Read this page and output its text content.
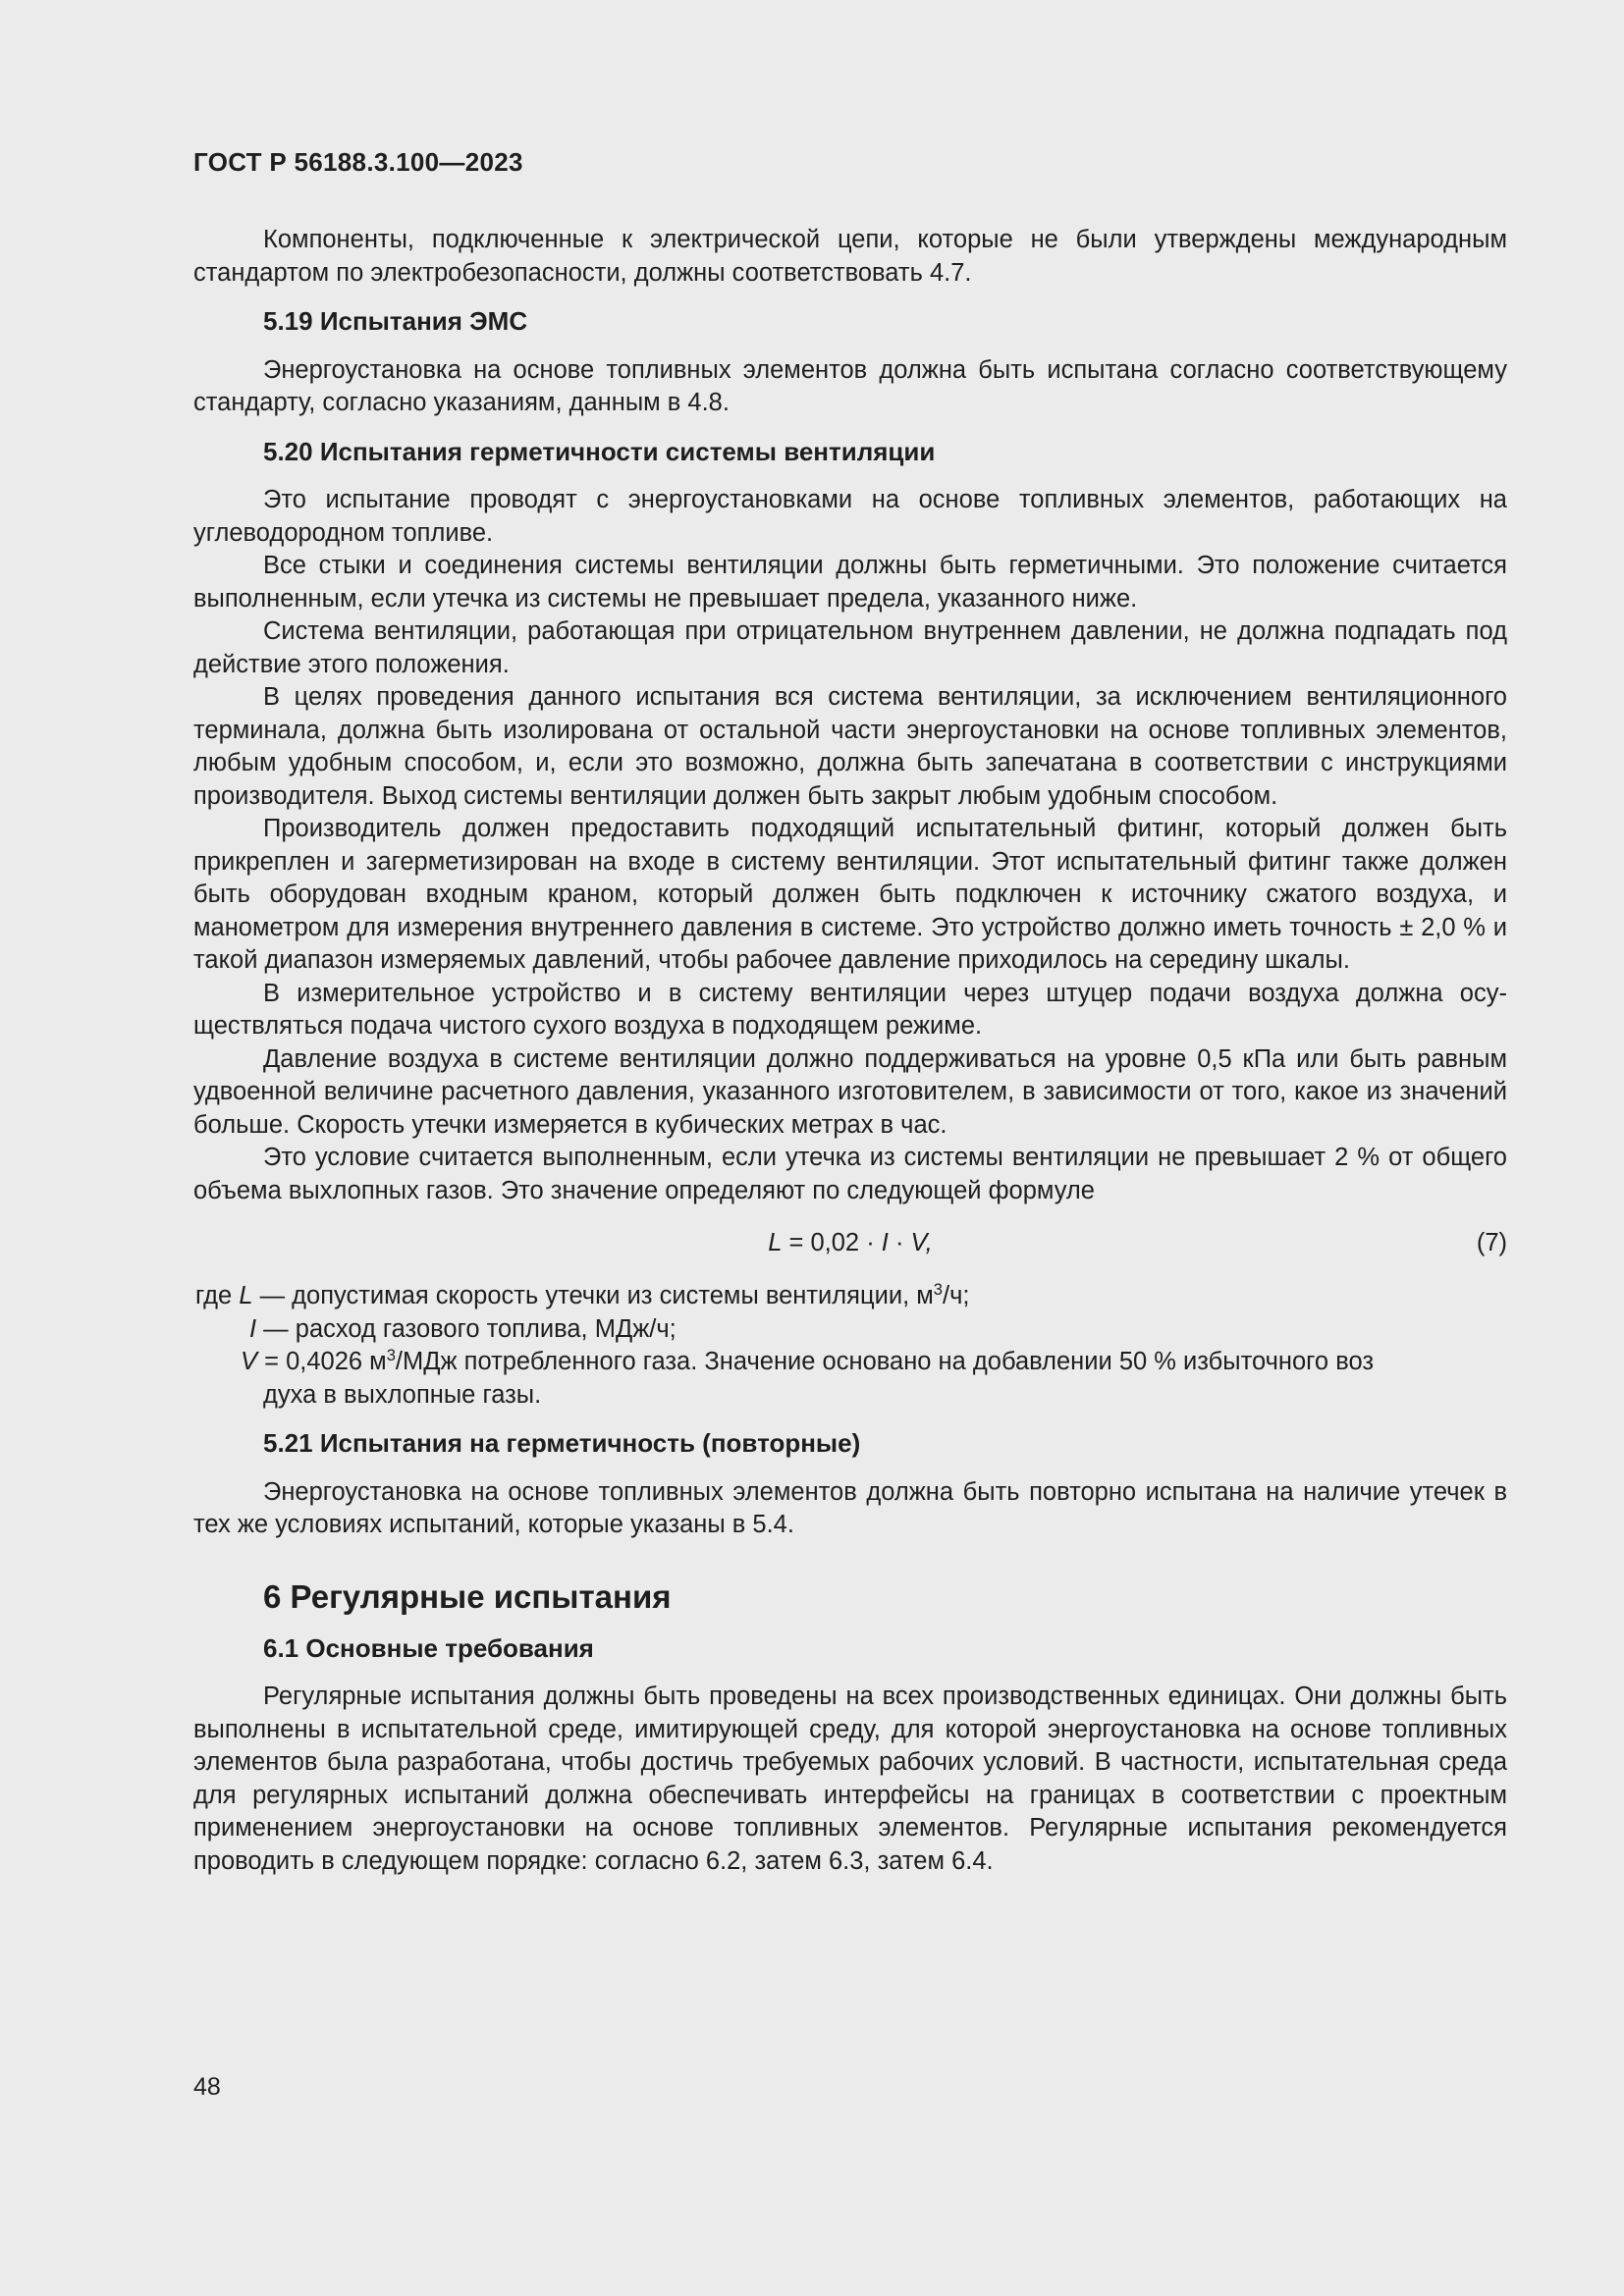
ГОСТ Р 56188.3.100—2023

Компоненты, подключенные к электрической цепи, которые не были утверждены международным стандартом по электробезопасности, должны соответствовать 4.7.

5.19 Испытания ЭМС

Энергоустановка на основе топливных элементов должна быть испытана согласно соответствующему стандарту, согласно указаниям, данным в 4.8.

5.20 Испытания герметичности системы вентиляции

Это испытание проводят с энергоустановками на основе топливных элементов, работающих на углеводородном топливе.

Все стыки и соединения системы вентиляции должны быть герметичными. Это положение считается выполненным, если утечка из системы не превышает предела, указанного ниже.

Система вентиляции, работающая при отрицательном внутреннем давлении, не должна подпадать под действие этого положения.

В целях проведения данного испытания вся система вентиляции, за исключением вентиляционного терминала, должна быть изолирована от остальной части энергоустановки на основе топливных элементов, любым удобным способом, и, если это возможно, должна быть запечатана в соответствии с инструкциями производителя. Выход системы вентиляции должен быть закрыт любым удобным способом.

Производитель должен предоставить подходящий испытательный фитинг, который должен быть прикреплен и загерметизирован на входе в систему вентиляции. Этот испытательный фитинг также должен быть оборудован входным краном, который должен быть подключен к источнику сжатого воздуха, и манометром для измерения внутреннего давления в системе. Это устройство должно иметь точность ± 2,0 % и такой диапазон измеряемых давлений, чтобы рабочее давление приходилось на середину шкалы.

В измерительное устройство и в систему вентиляции через штуцер подачи воздуха должна осуществляться подача чистого сухого воздуха в подходящем режиме.

Давление воздуха в системе вентиляции должно поддерживаться на уровне 0,5 кПа или быть равным удвоенной величине расчетного давления, указанного изготовителем, в зависимости от того, какое из значений больше. Скорость утечки измеряется в кубических метрах в час.

Это условие считается выполненным, если утечка из системы вентиляции не превышает 2 % от общего объема выхлопных газов. Это значение определяют по следующей формуле

L = 0,02 · I · V,	(7)
где L — допустимая скорость утечки из системы вентиляции, $м^3/ч$;
I — расход газового топлива, МДж/ч;
V = 0,4026 $м^3$/МДж потребленного газа. Значение основано на добавлении 50 % избыточного воз
духа в выхлопные газы.
5.21 Испытания на герметичность (повторные)

Энергоустановка на основе топливных элементов должна быть повторно испытана на наличие утечек в тех же условиях испытаний, которые указаны в 5.4.

6 Регулярные испытания
6.1 Основные требования

Регулярные испытания должны быть проведены на всех производственных единицах. Они должны быть выполнены в испытательной среде, имитирующей среду, для которой энергоустановка на основе топливных элементов была разработана, чтобы достичь требуемых рабочих условий. В частности, испытательная среда для регулярных испытаний должна обеспечивать интерфейсы на границах в соответствии с проектным применением энергоустановки на основе топливных элементов. Регулярные испытания рекомендуется проводить в следующем порядке: согласно 6.2, затем 6.3, затем 6.4.

48
